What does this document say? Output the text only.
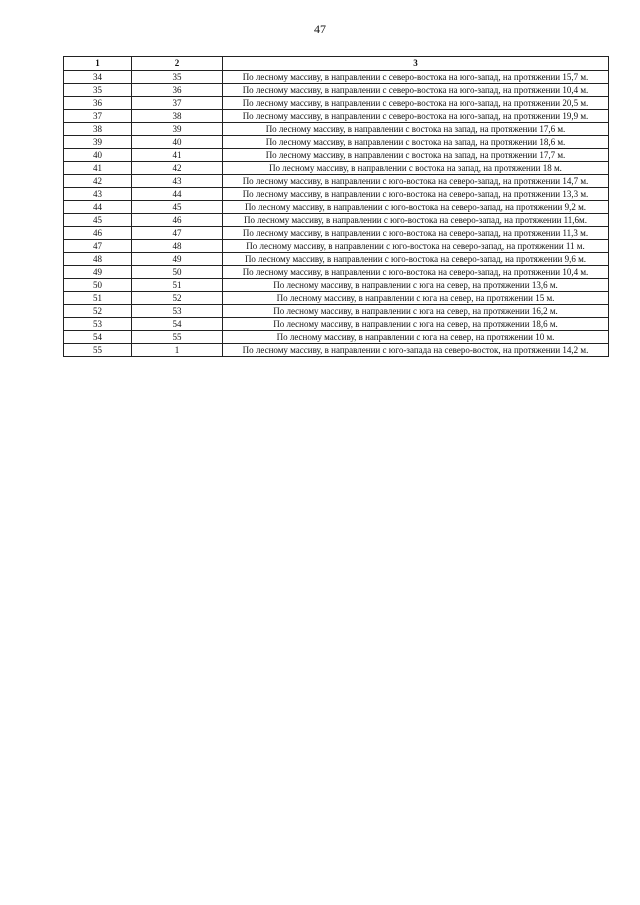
47
1	2	3
34	35	По лесному массиву, в направлении с северо-востока на юго-запад, на протяжении 15,7 м.
35	36	По лесному массиву, в направлении с северо-востока на юго-запад, на протяжении 10,4 м.
36	37	По лесному массиву, в направлении с северо-востока на юго-запад, на протяжении 20,5 м.
37	38	По лесному массиву, в направлении с северо-востока на юго-запад, на протяжении 19,9 м.
38	39	По лесному массиву, в направлении с востока на запад, на протяжении 17,6 м.
39	40	По лесному массиву, в направлении с востока на запад, на протяжении 18,6 м.
40	41	По лесному массиву, в направлении с востока на запад, на протяжении 17,7 м.
41	42	По лесному массиву, в направлении с востока на запад, на протяжении 18 м.
42	43	По лесному массиву, в направлении с юго-востока на северо-запад, на протяжении 14,7 м.
43	44	По лесному массиву, в направлении с юго-востока на северо-запад, на протяжении 13,3 м.
44	45	По лесному массиву, в направлении с юго-востока на северо-запад, на протяжении 9,2 м.
45	46	По лесному массиву, в направлении с юго-востока на северо-запад, на протяжении 11,6м.
46	47	По лесному массиву, в направлении с юго-востока на северо-запад, на протяжении 11,3 м.
47	48	По лесному массиву, в направлении с юго-востока на северо-запад, на протяжении 11 м.
48	49	По лесному массиву, в направлении с юго-востока на северо-запад, на протяжении 9,6 м.
49	50	По лесному массиву, в направлении с юго-востока на северо-запад, на протяжении 10,4 м.
50	51	По лесному массиву, в направлении с юга на север, на протяжении 13,6 м.
51	52	По лесному массиву, в направлении с юга на север, на протяжении 15 м.
52	53	По лесному массиву, в направлении с юга на север, на протяжении 16,2 м.
53	54	По лесному массиву, в направлении с юга на север, на протяжении 18,6 м.
54	55	По лесному массиву, в направлении с юга на север, на протяжении 10 м.
55	1	По лесному массиву, в направлении с юго-запада на северо-восток, на протяжении 14,2 м.
